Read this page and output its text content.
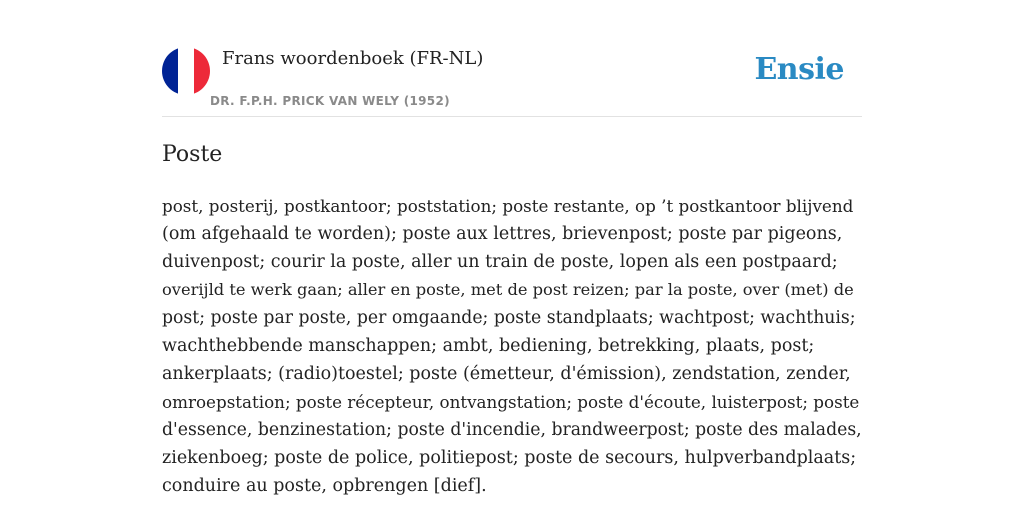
Frans woordenboek (FR-NL)
DR. F.P.H. PRICK VAN WELY (1952)
Ensie
Poste

post, posterij, postkantoor; poststation; poste restante, op ’t postkantoor blijvend
(om afgehaald te worden); poste aux lettres, brievenpost; poste par pigeons,
duivenpost; courir la poste, aller un train de poste, lopen als een postpaard;
overijld te werk gaan; aller en poste, met de post reizen; par la poste, over (met) de
post; poste par poste, per omgaande; poste standplaats; wachtpost; wachthuis;
wachthebbende manschappen; ambt, bediening, betrekking, plaats, post;
ankerplaats; (radio)toestel; poste (émetteur, d'émission), zendstation, zender,
omroepstation; poste récepteur, ontvangstation; poste d'écoute, luisterpost; poste
d'essence, benzinestation; poste d'incendie, brandweerpost; poste des malades,
ziekenboeg; poste de police, politiepost; poste de secours, hulpverbandplaats;
conduire au poste, opbrengen [dief].
